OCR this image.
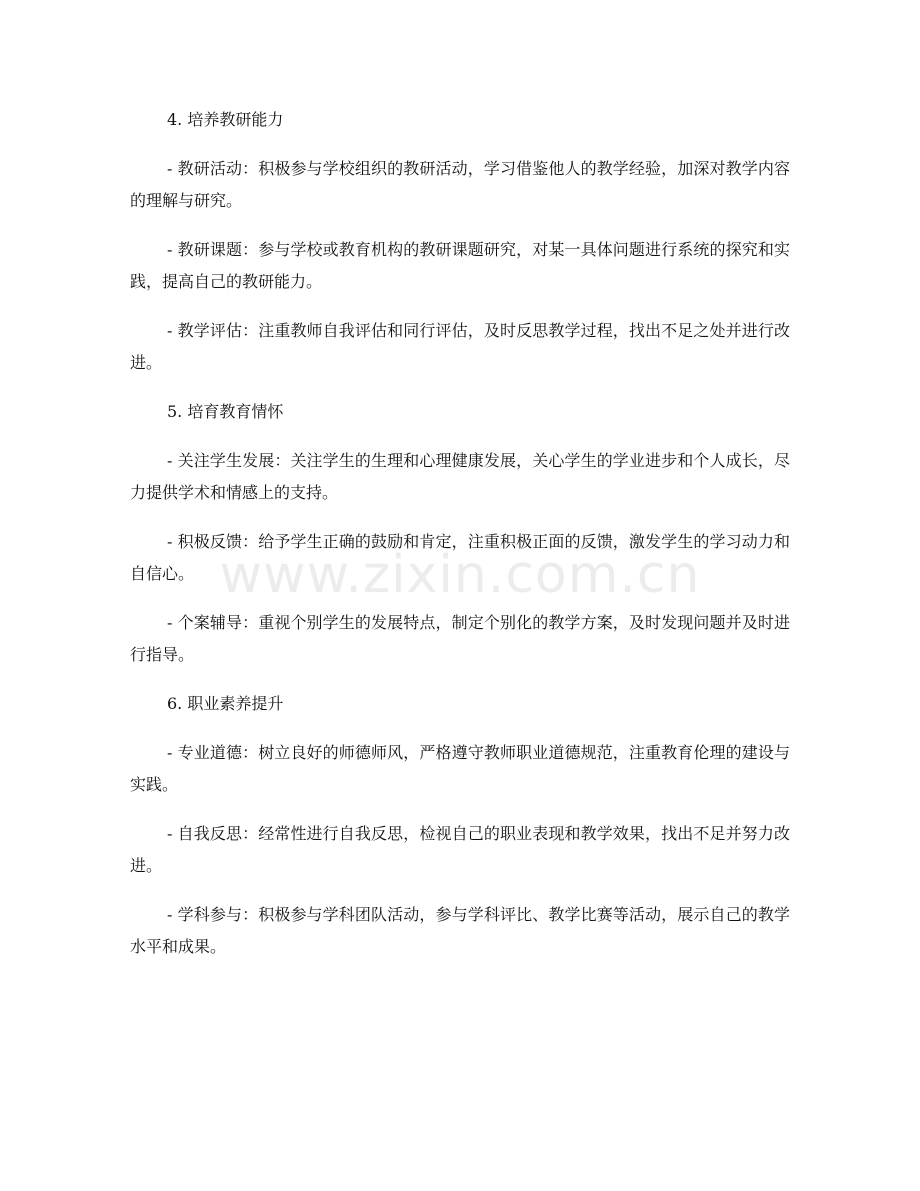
www.zixin.com.cn

4. 培养教研能力

- 教研活动：积极参与学校组织的教研活动，学习借鉴他人的教学经验，加深对教学内容的理解与研究。

- 教研课题：参与学校或教育机构的教研课题研究，对某一具体问题进行系统的探究和实践，提高自己的教研能力。

- 教学评估：注重教师自我评估和同行评估，及时反思教学过程，找出不足之处并进行改进。

5. 培育教育情怀

- 关注学生发展：关注学生的生理和心理健康发展，关心学生的学业进步和个人成长，尽力提供学术和情感上的支持。

- 积极反馈：给予学生正确的鼓励和肯定，注重积极正面的反馈，激发学生的学习动力和自信心。

- 个案辅导：重视个别学生的发展特点，制定个别化的教学方案，及时发现问题并及时进行指导。

6. 职业素养提升

- 专业道德：树立良好的师德师风，严格遵守教师职业道德规范，注重教育伦理的建设与实践。

- 自我反思：经常性进行自我反思，检视自己的职业表现和教学效果，找出不足并努力改进。

- 学科参与：积极参与学科团队活动，参与学科评比、教学比赛等活动，展示自己的教学水平和成果。
